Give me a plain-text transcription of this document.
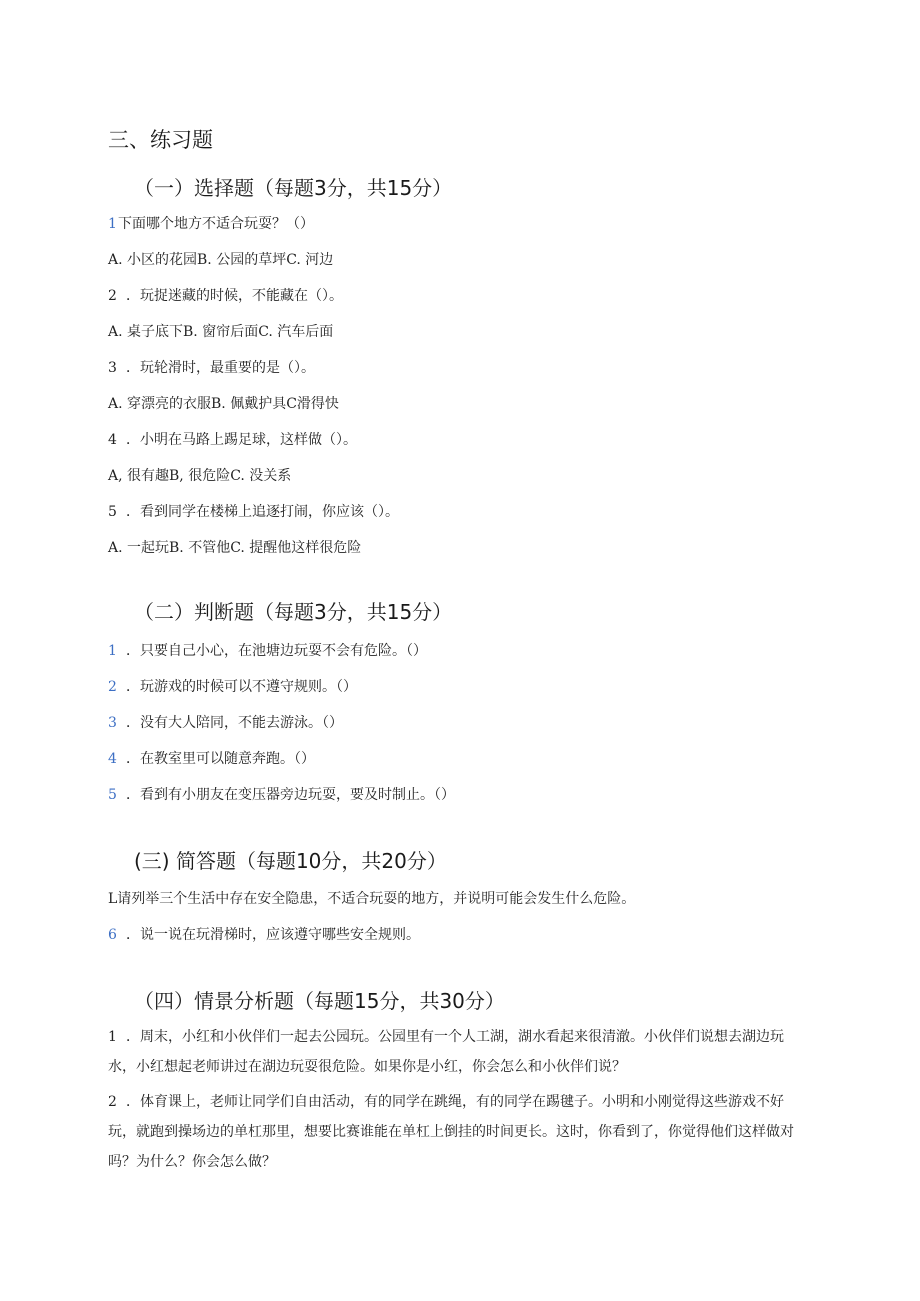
三、练习题
（一）选择题（每题3分，共15分）
1下面哪个地方不适合玩耍？（）
A. 小区的花园B. 公园的草坪C. 河边
2 ．玩捉迷藏的时候，不能藏在（）。
A. 桌子底下B. 窗帘后面C. 汽车后面
3 ．玩轮滑时，最重要的是（）。
A. 穿漂亮的衣服B. 佩戴护具C滑得快
4 ．小明在马路上踢足球，这样做（）。
A, 很有趣B, 很危险C. 没关系
5 ．看到同学在楼梯上追逐打闹，你应该（）。
A. 一起玩B. 不管他C. 提醒他这样很危险
（二）判断题（每题3分，共15分）
1 ．只要自己小心，在池塘边玩耍不会有危险。（）
2 ．玩游戏的时候可以不遵守规则。（）
3 ．没有大人陪同，不能去游泳。（）
4 ．在教室里可以随意奔跑。（）
5 ．看到有小朋友在变压器旁边玩耍，要及时制止。（）
(三) 简答题（每题10分，共20分）
L请列举三个生活中存在安全隐患，不适合玩耍的地方，并说明可能会发生什么危险。
6 ．说一说在玩滑梯时，应该遵守哪些安全规则。
（四）情景分析题（每题15分，共30分）
1 ．周末，小红和小伙伴们一起去公园玩。公园里有一个人工湖，湖水看起来很清澈。小伙伴们说想去湖边玩水，小红想起老师讲过在湖边玩耍很危险。如果你是小红，你会怎么和小伙伴们说？
2 ．体育课上，老师让同学们自由活动，有的同学在跳绳，有的同学在踢毽子。小明和小刚觉得这些游戏不好玩，就跑到操场边的单杠那里，想要比赛谁能在单杠上倒挂的时间更长。这时，你看到了，你觉得他们这样做对吗？为什么？你会怎么做？
